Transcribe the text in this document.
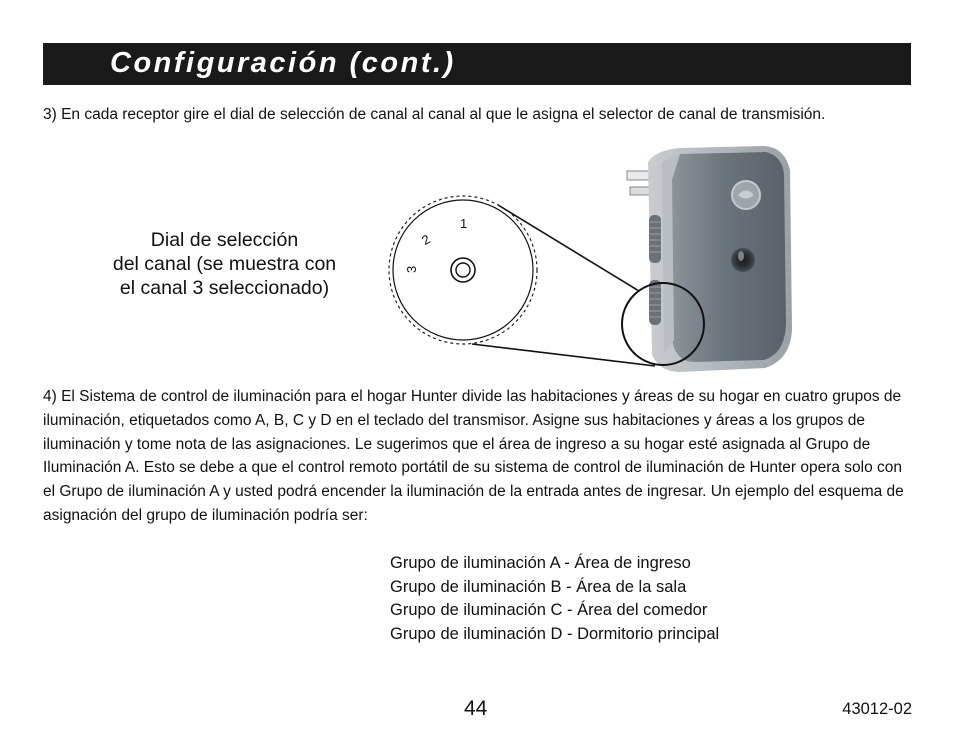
Configuración (cont.)

3) En cada receptor gire el dial de selección de canal al canal al que le asigna el selector de canal de transmisión.

Dial de selección
del canal (se muestra con
el canal 3 seleccionado)

1
2
3

4) El Sistema de control de iluminación para el hogar Hunter divide las habitaciones y áreas de su hogar en cuatro grupos de iluminación, etiquetados como A, B, C y D en el teclado del transmisor. Asigne sus habitaciones y áreas a los grupos de iluminación y tome nota de las asignaciones. Le sugerimos que el área de ingreso a su hogar esté asignada al Grupo de Iluminación A. Esto se debe a que el control remoto portátil de su sistema de control de iluminación de Hunter opera solo con el Grupo de iluminación A y usted podrá encender la iluminación de la entrada antes de ingresar. Un ejemplo del esquema de asignación del grupo de iluminación podría ser:

Grupo de iluminación A - Área de ingreso
Grupo de iluminación B - Área de la sala
Grupo de iluminación C - Área del comedor
Grupo de iluminación D - Dormitorio principal
44	43012-02
